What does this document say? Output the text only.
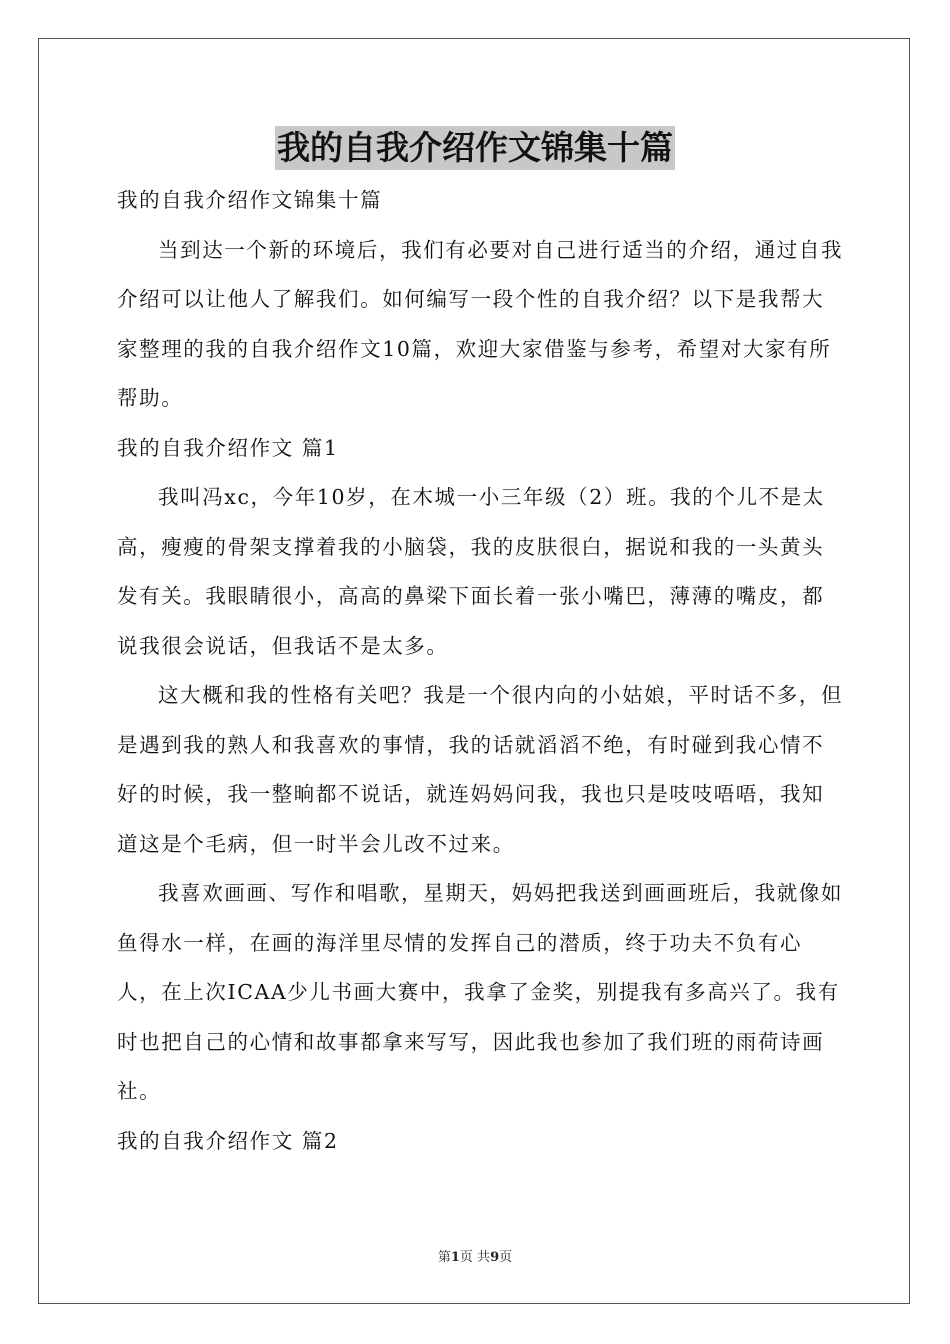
我的自我介绍作文锦集十篇

我的自我介绍作文锦集十篇

当到达一个新的环境后，我们有必要对自己进行适当的介绍，通过自我介绍可以让他人了解我们。如何编写一段个性的自我介绍？以下是我帮大家整理的我的自我介绍作文10篇，欢迎大家借鉴与参考，希望对大家有所帮助。

我的自我介绍作文 篇1

我叫冯xc，今年10岁，在木城一小三年级（2）班。我的个儿不是太高，瘦瘦的骨架支撑着我的小脑袋，我的皮肤很白，据说和我的一头黄头发有关。我眼睛很小，高高的鼻梁下面长着一张小嘴巴，薄薄的嘴皮，都说我很会说话，但我话不是太多。

这大概和我的性格有关吧？我是一个很内向的小姑娘，平时话不多，但是遇到我的熟人和我喜欢的事情，我的话就滔滔不绝，有时碰到我心情不好的时候，我一整晌都不说话，就连妈妈问我，我也只是吱吱唔唔，我知道这是个毛病，但一时半会儿改不过来。

我喜欢画画、写作和唱歌，星期天，妈妈把我送到画画班后，我就像如鱼得水一样，在画的海洋里尽情的发挥自己的潜质，终于功夫不负有心人，在上次ICAA少儿书画大赛中，我拿了金奖，别提我有多高兴了。我有时也把自己的心情和故事都拿来写写，因此我也参加了我们班的雨荷诗画社。

我的自我介绍作文 篇2

第1页 共9页
